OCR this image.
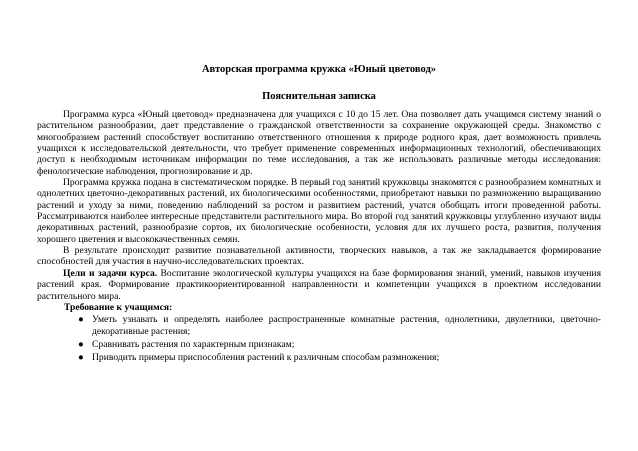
Авторская программа кружка «Юный цветовод»
Пояснительная записка

Программа курса «Юный цветовод» предназначена для учащихся с 10 до 15 лет. Она позволяет дать учащимся систему знаний о растительном разнообразии, дает представление о гражданской ответственности за сохранение окружающей среды. Знакомство с многообразием растений способствует воспитанию ответственного отношения к природе родного края, дает возможность привлечь учащихся к исследовательской деятельности, что требует применение современных информационных технологий, обеспечивающих доступ к необходимым источникам информации по теме исследования, а так же использовать различные методы исследования: фенологические наблюдения, прогнозирование и др.

Программа кружка подана в систематическом порядке. В первый год занятий кружковцы знакомятся с разнообразием комнатных и однолетних цветочно-декоративных растений, их биологическими особенностями, приобретают навыки по размножению выращиванию растений и уходу за ними, поведению наблюдений за ростом и развитием растений, учатся обобщать итоги проведенной работы. Рассматриваются наиболее интересные представители растительного мира. Во второй год занятий кружковцы углубленно изучают виды декоративных растений, разнообразие сортов, их биологические особенности, условия для их лучшего роста, развития, получения хорошего цветения и высококачественных семян.

В результате происходит развитие познавательной активности, творческих навыков, а так же закладывается формирование способностей для участия в научно-исследовательских проектах.

Цели и задачи курса. Воспитание экологической культуры учащихся на базе формирования знаний, умений, навыков изучения растений края. Формирование практикоориентированной направленности и компетенции учащихся в проектном исследовании растительного мира.

Требование к учащимся:
● Уметь узнавать и определять наиболее распространенные комнатные растения, однолетники, двулетники, цветочно-декоративные растения;
● Сравнивать растения по характерным признакам;
● Приводить примеры приспособления растений к различным способам размножения;
